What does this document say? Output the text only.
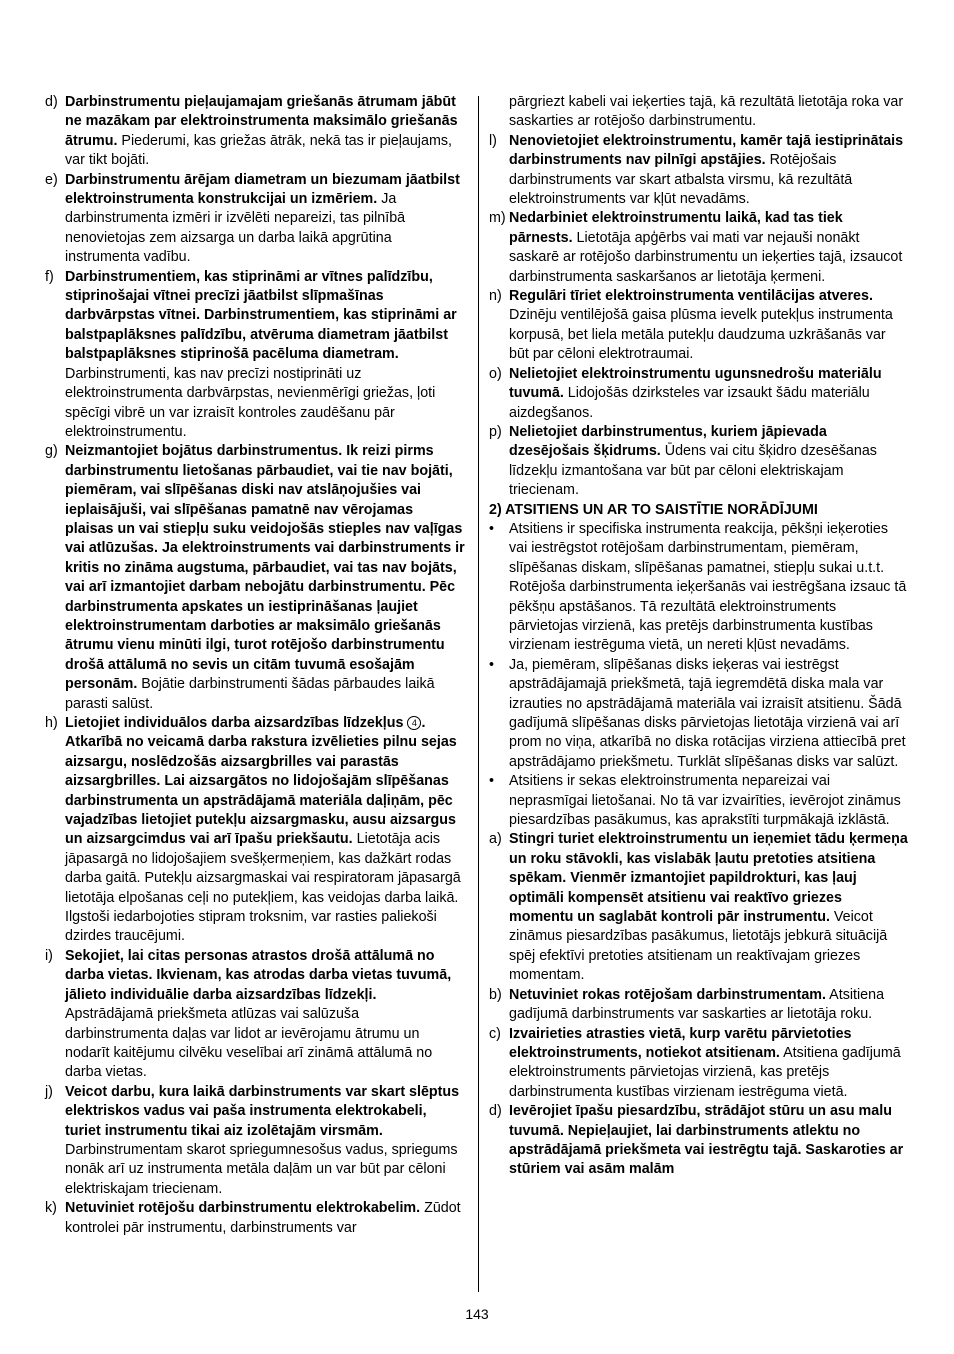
d) Darbinstrumentu pieļaujamajam griešanās ātrumam jābūt ne mazākam par elektroinstrumenta maksimālo griešanās ātrumu. Piederumi, kas griežas ātrāk, nekā tas ir pieļaujams, var tikt bojāti.
e) Darbinstrumentu ārējam diametram un biezumam jāatbilst elektroinstrumenta konstrukcijai un izmēriem. Ja darbinstrumenta izmēri ir izvēlēti nepareizi, tas pilnībā nenovietojas zem aizsarga un darba laikā apgrūtina instrumenta vadību.
f) Darbinstrumentiem, kas stiprināmi ar vītnes palīdzību, stiprinošajai vītnei precīzi jāatbilst slīpmašīnas darbvārpstas vītnei. Darbinstrumentiem, kas stiprināmi ar balstpaplāksnes palīdzību, atvēruma diametram jāatbilst balstpaplāksnes stiprinošā pacēluma diametram. Darbinstrumenti, kas nav precīzi nostiprināti uz elektroinstrumenta darbvārpstas, nevienmērīgi griežas, ļoti spēcīgi vibrē un var izraisīt kontroles zaudēšanu pār elektroinstrumentu.
g) Neizmantojiet bojātus darbinstrumentus. Ik reizi pirms darbinstrumentu lietošanas pārbaudiet, vai tie nav bojāti, piemēram, vai slīpēšanas diski nav atslāņojušies vai ieplaisājuši, vai slīpēšanas pamatnē nav vērojamas plaisas un vai stiepļu suku veidojošās stieples nav vaļīgas vai atlūzušas. Ja elektroinstruments vai darbinstruments ir kritis no zināma augstuma, pārbaudiet, vai tas nav bojāts, vai arī izmantojiet darbam nebojātu darbinstrumentu. Pēc darbinstrumenta apskates un iestiprināšanas ļaujiet elektroinstrumentam darboties ar maksimālo griešanās ātrumu vienu minūti ilgi, turot rotējošo darbinstrumentu drošā attālumā no sevis un citām tuvumā esošajām personām. Bojātie darbinstrumenti šādas pārbaudes laikā parasti salūst.
h) Lietojiet individuālos darba aizsardzības līdzekļus 4 . Atkarībā no veicamā darba rakstura izvēlieties pilnu sejas aizsargu, noslēdzošās aizsargbrilles vai parastās aizsargbrilles. Lai aizsargātos no lidojošajām slīpēšanas darbinstrumenta un apstrādājamā materiāla daļiņām, pēc vajadzības lietojiet putekļu aizsargmasku, ausu aizsargus un aizsargcimdus vai arī īpašu priekšautu. Lietotāja acis jāpasargā no lidojošajiem svešķermeņiem, kas dažkārt rodas darba gaitā. Putekļu aizsargmaskai vai respiratoram jāpasargā lietotāja elpošanas ceļi no putekļiem, kas veidojas darba laikā. Ilgstoši iedarbojoties stipram troksnim, var rasties paliekoši dzirdes traucējumi.
i) Sekojiet, lai citas personas atrastos drošā attālumā no darba vietas. Ikvienam, kas atrodas darba vietas tuvumā, jālieto individuālie darba aizsardzības līdzekļi. Apstrādājamā priekšmeta atlūzas vai salūzuša darbinstrumenta daļas var lidot ar ievērojamu ātrumu un nodarīt kaitējumu cilvēku veselībai arī zināmā attālumā no darba vietas.
j) Veicot darbu, kura laikā darbinstruments var skart slēptus elektriskos vadus vai paša instrumenta elektrokabeli, turiet instrumentu tikai aiz izolētajām virsmām. Darbinstrumentam skarot spriegumnesošus vadus, spriegums nonāk arī uz instrumenta metāla daļām un var būt par cēloni elektriskajam triecienam.
k) Netuviniet rotējošu darbinstrumentu elektrokabelim. Zūdot kontrolei pār instrumentu, darbinstruments var
pārgriezt kabeli vai ieķerties tajā, kā rezultātā lietotāja roka var saskarties ar rotējošo darbinstrumentu.
l) Nenovietojiet elektroinstrumentu, kamēr tajā iestiprinātais darbinstruments nav pilnīgi apstājies. Rotējošais darbinstruments var skart atbalsta virsmu, kā rezultātā elektroinstruments var kļūt nevadāms.
m) Nedarbiniet elektroinstrumentu laikā, kad tas tiek pārnests. Lietotāja apģērbs vai mati var nejauši nonākt saskarē ar rotējošo darbinstrumentu un ieķerties tajā, izsaucot darbinstrumenta saskaršanos ar lietotāja ķermeni.
n) Regulāri tīriet elektroinstrumenta ventilācijas atveres. Dzinēju ventilējošā gaisa plūsma ievelk putekļus instrumenta korpusā, bet liela metāla putekļu daudzuma uzkrāšanās var būt par cēloni elektrotraumai.
o) Nelietojiet elektroinstrumentu ugunsnedrošu materiālu tuvumā. Lidojošās dzirksteles var izsaukt šādu materiālu aizdegšanos.
p) Nelietojiet darbinstrumentus, kuriem jāpievada dzesējošais šķidrums. Ūdens vai citu šķidro dzesēšanas līdzekļu izmantošana var būt par cēloni elektriskajam triecienam.
2) ATSITIENS UN AR TO SAISTĪTIE NORĀDĪJUMI
• Atsitiens ir specifiska instrumenta reakcija, pēkšņi ieķeroties vai iestrēgstot rotējošam darbinstrumentam, piemēram, slīpēšanas diskam, slīpēšanas pamatnei, stiepļu sukai u.t.t. Rotējoša darbinstrumenta ieķeršanās vai iestrēgšana izsauc tā pēkšņu apstāšanos. Tā rezultātā elektroinstruments pārvietojas virzienā, kas pretējs darbinstrumenta kustības virzienam iestrēguma vietā, un nereti kļūst nevadāms.
• Ja, piemēram, slīpēšanas disks ieķeras vai iestrēgst apstrādājamajā priekšmetā, tajā iegremdētā diska mala var izrauties no apstrādājamā materiāla vai izraisīt atsitienu. Šādā gadījumā slīpēšanas disks pārvietojas lietotāja virzienā vai arī prom no viņa, atkarībā no diska rotācijas virziena attiecībā pret apstrādājamo priekšmetu. Turklāt slīpēšanas disks var salūzt.
• Atsitiens ir sekas elektroinstrumenta nepareizai vai neprasmīgai lietošanai. No tā var izvairīties, ievērojot zināmus piesardzības pasākumus, kas aprakstīti turpmākajā izklāstā.
a) Stingri turiet elektroinstrumentu un ieņemiet tādu ķermeņa un roku stāvokli, kas vislabāk ļautu pretoties atsitiena spēkam. Vienmēr izmantojiet papildrokturi, kas ļauj optimāli kompensēt atsitienu vai reaktīvo griezes momentu un saglabāt kontroli pār instrumentu. Veicot zināmus piesardzības pasākumus, lietotājs jebkurā situācijā spēj efektīvi pretoties atsitienam un reaktīvajam griezes momentam.
b) Netuviniet rokas rotējošam darbinstrumentam. Atsitiena gadījumā darbinstruments var saskarties ar lietotāja roku.
c) Izvairieties atrasties vietā, kurp varētu pārvietoties elektroinstruments, notiekot atsitienam. Atsitiena gadījumā elektroinstruments pārvietojas virzienā, kas pretējs darbinstrumenta kustības virzienam iestrēguma vietā.
d) Ievērojiet īpašu piesardzību, strādājot stūru un asu malu tuvumā. Nepieļaujiet, lai darbinstruments atlektu no apstrādājamā priekšmeta vai iestrēgtu tajā. Saskaroties ar stūriem vai asām malām
143
